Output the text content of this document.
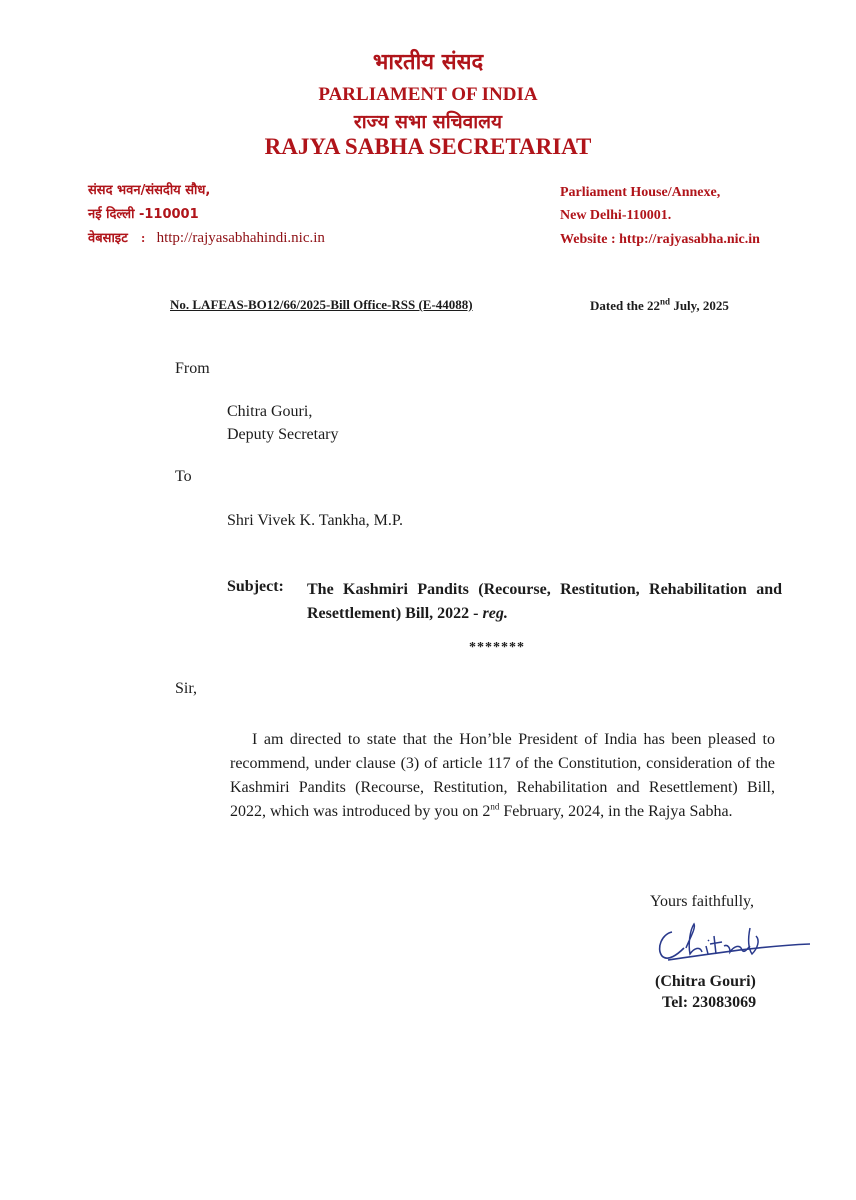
भारतीय संसद
PARLIAMENT OF INDIA
राज्य सभा सचिवालय
RAJYA SABHA SECRETARIAT
संसद भवन/संसदीय सौध,
नई दिल्ली -110001
वेबसाइट : http://rajyasabhahindi.nic.in
Parliament House/Annexe,
New Delhi-110001.
Website : http://rajyasabha.nic.in
No. LAFEAS-BO12/66/2025-Bill Office-RSS (E-44088)	Dated the 22nd July, 2025
From
Chitra Gouri,
Deputy Secretary
To
Shri Vivek K. Tankha, M.P.
Subject: The Kashmiri Pandits (Recourse, Restitution, Rehabilitation and Resettlement) Bill, 2022 - reg.
*******
Sir,
I am directed to state that the Hon’ble President of India has been pleased to recommend, under clause (3) of article 117 of the Constitution, consideration of the Kashmiri Pandits (Recourse, Restitution, Rehabilitation and Resettlement) Bill, 2022, which was introduced by you on 2nd February, 2024, in the Rajya Sabha.
Yours faithfully,
(Chitra Gouri)
Tel: 23083069
